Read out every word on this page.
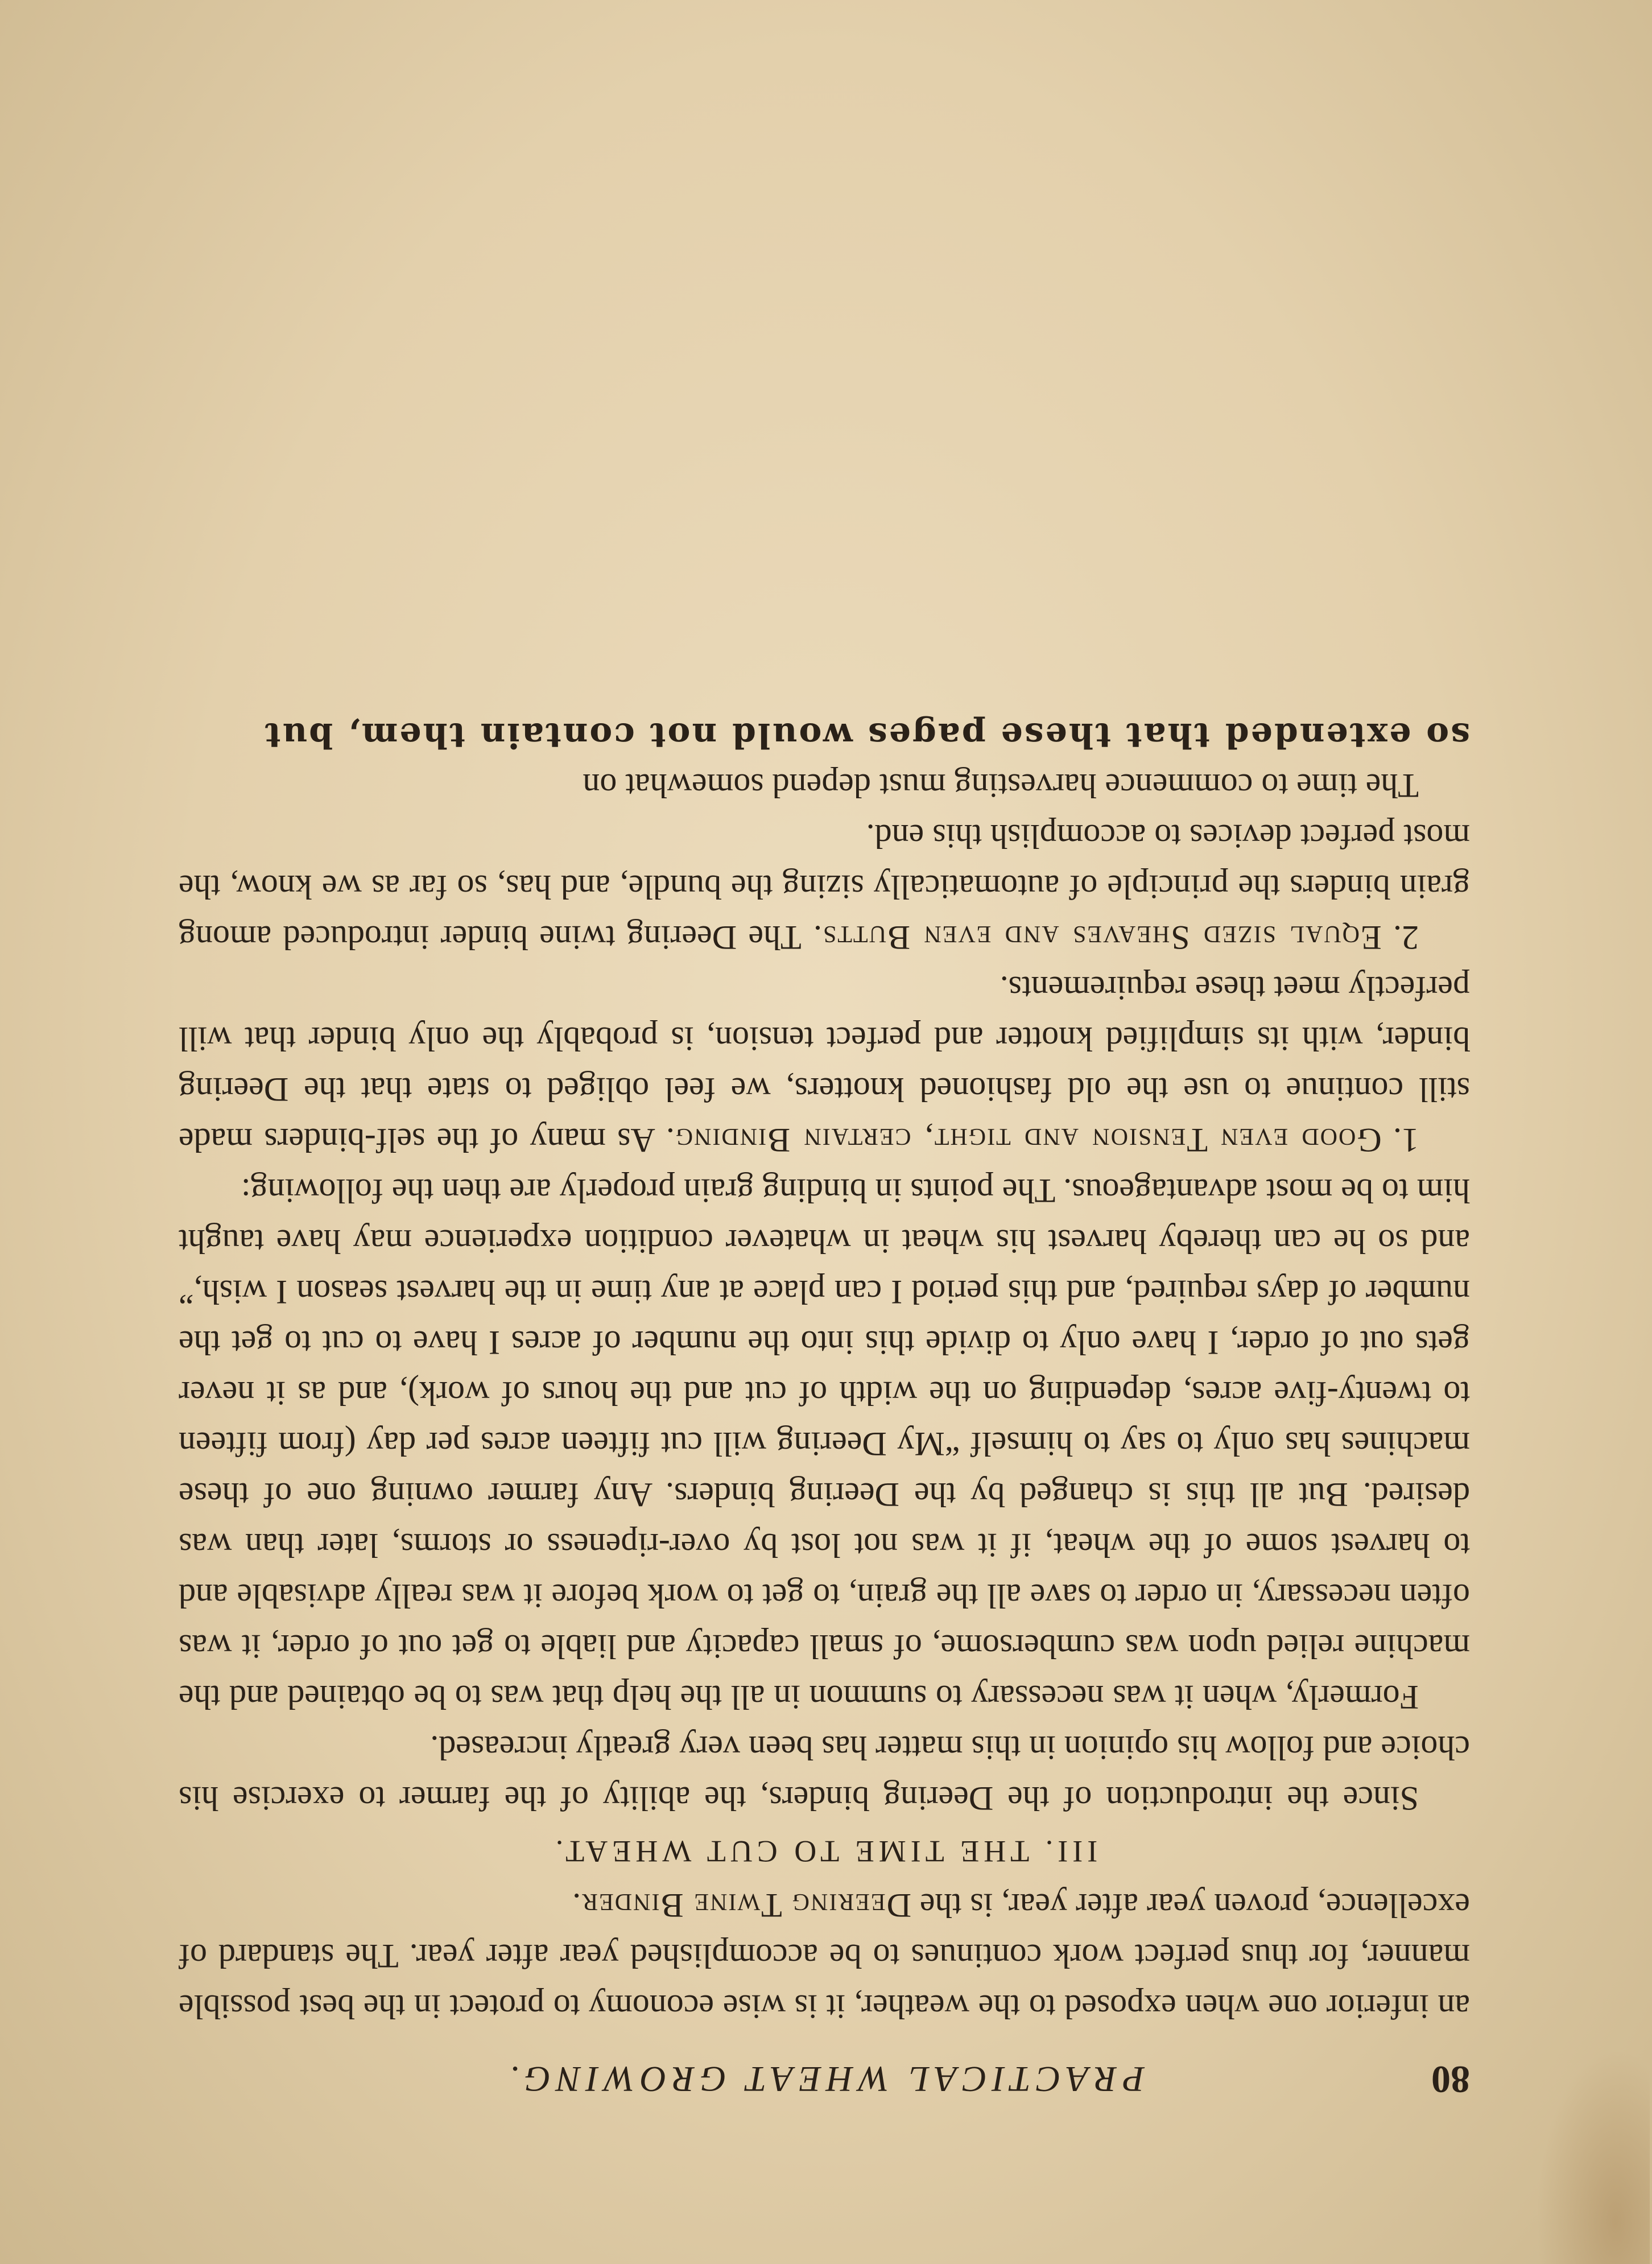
80
PRACTICAL WHEAT GROWING.

an inferior one when exposed to the weather, it is wise economy to protect in the best possible manner, for thus perfect work continues to be accomplished year after year. The standard of excellence, proven year after year, is the Deering Twine Binder.

III. THE TIME TO CUT WHEAT.

Since the introduction of the Deering binders, the ability of the farmer to exercise his choice and follow his opinion in this matter has been very greatly increased.

Formerly, when it was necessary to summon in all the help that was to be obtained and the machine relied upon was cumbersome, of small capacity and liable to get out of order, it was often necessary, in order to save all the grain, to get to work before it was really advisable and to harvest some of the wheat, if it was not lost by over-ripeness or storms, later than was desired. But all this is changed by the Deering binders. Any farmer owning one of these machines has only to say to himself “My Deering will cut fifteen acres per day (from fifteen to twenty-five acres, depending on the width of cut and the hours of work), and as it never gets out of order, I have only to divide this into the number of acres I have to cut to get the number of days required, and this period I can place at any time in the harvest season I wish,” and so he can thereby harvest his wheat in whatever condition experience may have taught him to be most advantageous. The points in binding grain properly are then the following:

1. Good even Tension and tight, certain Binding. As many of the self-binders made still continue to use the old fashioned knotters, we feel obliged to state that the Deering binder, with its simplified knotter and perfect tension, is probably the only binder that will perfectly meet these requirements.

2. Equal sized Sheaves and even Butts. The Deering twine binder introduced among grain binders the principle of automatically sizing the bundle, and has, so far as we know, the most perfect devices to accomplish this end.

The time to commence harvesting must depend somewhat on

so extended that these pages would not contain them, but
